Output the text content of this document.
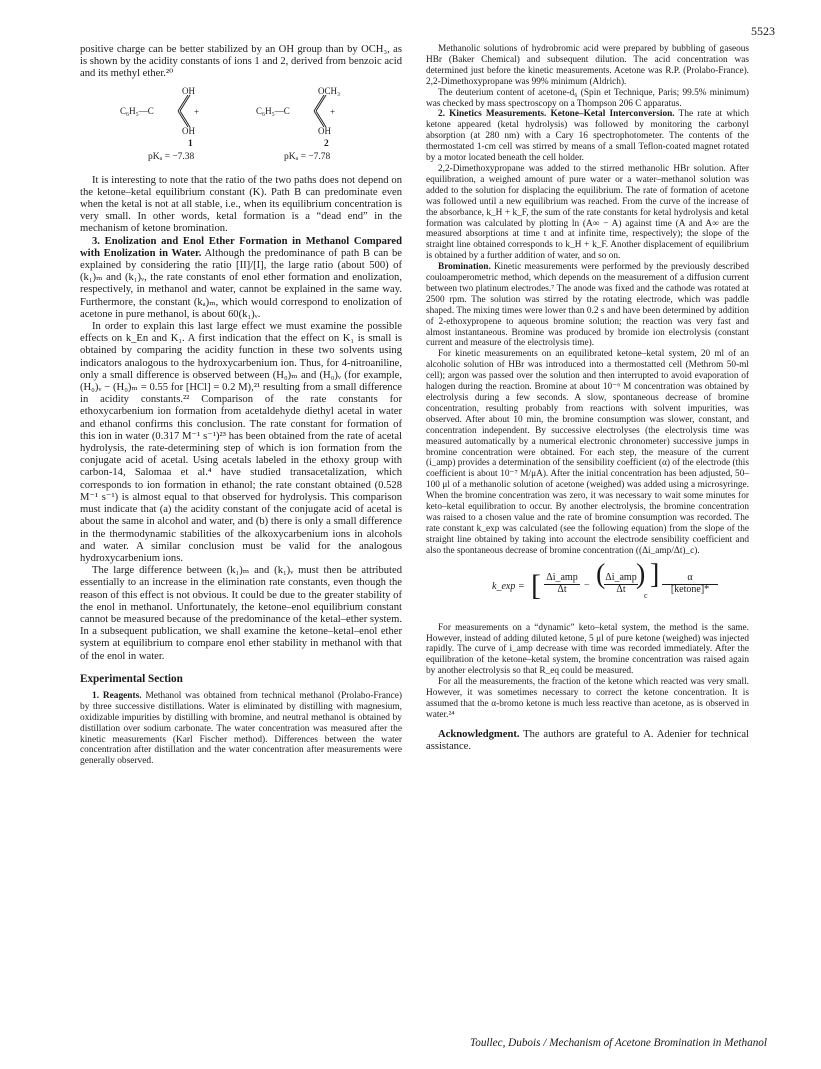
5523

positive charge can be better stabilized by an OH group than by OCH₃, as is shown by the acidity constants of ions 1 and 2, derived from benzoic acid and its methyl ether.²⁰

OH
C₆H₅—C	+
OH
1
pKₐ = −7.38
OCH₃
C₆H₅—C	+
OH
2
pKₐ = −7.78

It is interesting to note that the ratio of the two paths does not depend on the ketone–ketal equilibrium constant (K). Path B can predominate even when the ketal is not at all stable, i.e., when its equilibrium concentration is very small. In other words, ketal formation is a “dead end” in the mechanism of ketone bromination.

3. Enolization and Enol Ether Formation in Methanol Compared with Enolization in Water. Although the predominance of path B can be explained by considering the ratio [II]/[I], the large ratio (about 500) of (k₁)ₘ and (k₁)ᵥ, the rate constants of enol ether formation and enolization, respectively, in methanol and water, cannot be explained in the same way. Furthermore, the constant (kₐ)ₘ, which would correspond to enolization of acetone in pure methanol, is about 60(k₁)ᵥ.

In order to explain this last large effect we must examine the possible effects on k_En and K₁. A first indication that the effect on K₁ is small is obtained by comparing the acidity function in these two solvents using indicators analogous to the hydroxycarbenium ion. Thus, for 4-nitroaniline, only a small difference is observed between (H₀)ₘ and (H₀)ᵥ (for example, (H₀)ᵥ − (H₀)ₘ = 0.55 for [HCl] = 0.2 M),²¹ resulting from a small difference in acidity constants.²² Comparison of the rate constants for ethoxycarbenium ion formation from acetaldehyde diethyl acetal in water and ethanol confirms this conclusion. The rate constant for formation of this ion in water (0.317 M⁻¹ s⁻¹)²³ has been obtained from the rate of acetal hydrolysis, the rate-determining step of which is ion formation from the conjugate acid of acetal. Using acetals labeled in the ethoxy group with carbon-14, Salomaa et al.⁴ have studied transacetalization, which corresponds to ion formation in ethanol; the rate constant obtained (0.528 M⁻¹ s⁻¹) is almost equal to that observed for hydrolysis. This comparison must indicate that (a) the acidity constant of the conjugate acid of acetal is about the same in alcohol and water, and (b) there is only a small difference in the thermodynamic stabilities of the alkoxycarbenium ions in alcohols and water. A similar conclusion must be valid for the analogous hydroxycarbenium ions.

The large difference between (k₁)ₘ and (k₁)ᵥ must then be attributed essentially to an increase in the elimination rate constants, even though the reason of this effect is not obvious. It could be due to the greater stability of the enol in methanol. Unfortunately, the ketone–enol equilibrium constant cannot be measured because of the predominance of the ketal–ether system. In a subsequent publication, we shall examine the ketone–ketal–enol ether system at equilibrium to compare enol ether stability in methanol with that of the enol in water.

Experimental Section

1. Reagents. Methanol was obtained from technical methanol (Prolabo-France) by three successive distillations. Water is eliminated by distilling with magnesium, oxidizable impurities by distilling with bromine, and neutral methanol is obtained by distillation over sodium carbonate. The water concentration was measured after the kinetic measurements (Karl Fischer method). Differences between the water concentration after distillation and the water concentration after measurements were generally observed.

Methanolic solutions of hydrobromic acid were prepared by bubbling of gaseous HBr (Baker Chemical) and subsequent dilution. The acid concentration was determined just before the kinetic measurements. Acetone was R.P. (Prolabo-France). 2,2-Dimethoxypropane was 99% minimum (Aldrich).

The deuterium content of acetone-d₆ (Spin et Technique, Paris; 99.5% minimum) was checked by mass spectroscopy on a Thompson 206 C apparatus.

2. Kinetics Measurements. Ketone–Ketal Interconversion. The rate at which ketone appeared (ketal hydrolysis) was followed by monitoring the carbonyl absorption (at 280 nm) with a Cary 16 spectrophotometer. The contents of the thermostated 1-cm cell was stirred by means of a small Teflon-coated magnet rotated by a motor located beneath the cell holder.

2,2-Dimethoxypropane was added to the stirred methanolic HBr solution. After equilibration, a weighed amount of pure water or a water–methanol solution was added to the solution for displacing the equilibrium. The rate of formation of acetone was followed until a new equilibrium was reached. From the curve of the increase of the absorbance, k_H + k_F, the sum of the rate constants for ketal hydrolysis and ketal formation was calculated by plotting ln (A∞ − A) against time (A and A∞ are the measured absorptions at time t and at infinite time, respectively); the slope of the straight line obtained corresponds to k_H + k_F. Another displacement of equilibrium is obtained by a further addition of water, and so on.

Bromination. Kinetic measurements were performed by the previously described couloamperometric method, which depends on the measurement of a diffusion current between two platinum electrodes.⁷ The anode was fixed and the cathode was rotated at 2500 rpm. The solution was stirred by the rotating electrode, which was paddle shaped. The mixing times were lower than 0.2 s and have been determined by addition of 2-ethoxypropene to aqueous bromine solution; the reaction was very fast and almost instantaneous. Bromine was produced by bromide ion electrolysis (constant current and measure of the electrolysis time).

For kinetic measurements on an equilibrated ketone–ketal system, 20 ml of an alcoholic solution of HBr was introduced into a thermostatted cell (Methrom 50-ml cell); argon was passed over the solution and then interrupted to avoid evaporation of halogen during the reaction. Bromine at about 10⁻⁶ M concentration was obtained by electrolysis during a few seconds. A slow, spontaneous decrease of bromine concentration, resulting probably from reactions with solvent impurities, was observed. After about 10 min, the bromine consumption was slower, constant, and concentration independent. By successive electrolyses (the electrolysis time was measured automatically by a numerical electronic chronometer) successive jumps in bromine concentration were obtained. For each step, the measure of the current (i_amp) provides a determination of the sensibility coefficient (α) of the electrode (this coefficient is about 10⁻⁷ M/μA). After the initial concentration has been adjusted, 50–100 μl of a methanolic solution of acetone (weighed) was added using a microsyringe. When the bromine concentration was zero, it was necessary to wait some minutes for keto–ketal equilibration to occur. By another electrolysis, the bromine concentration was raised to a chosen value and the rate of bromine consumption was recorded. The rate constant k_exp was calculated (see the following equation) from the slope of the straight line obtained by taking into account the electrode sensibility coefficient and also the spontaneous decrease of bromine concentration ((Δi_amp/Δt)_c).

k_exp = [ Δi_amp
Δt	− ( Δi_amp
Δt )
c
]	α
[ketone]*

For measurements on a “dynamic” keto–ketal system, the method is the same. However, instead of adding diluted ketone, 5 μl of pure ketone (weighed) was injected rapidly. The curve of i_amp decrease with time was recorded immediately. After the equilibration of the ketone–ketal system, the bromine concentration was raised again by another electrolysis so that R_eq could be measured.

For all the measurements, the fraction of the ketone which reacted was very small. However, it was sometimes necessary to correct the ketone concentration. It is assumed that the α-bromo ketone is much less reactive than acetone, as is observed in water.²⁴

Acknowledgment. The authors are grateful to A. Adenier for technical assistance.

Toullec, Dubois / Mechanism of Acetone Bromination in Methanol
